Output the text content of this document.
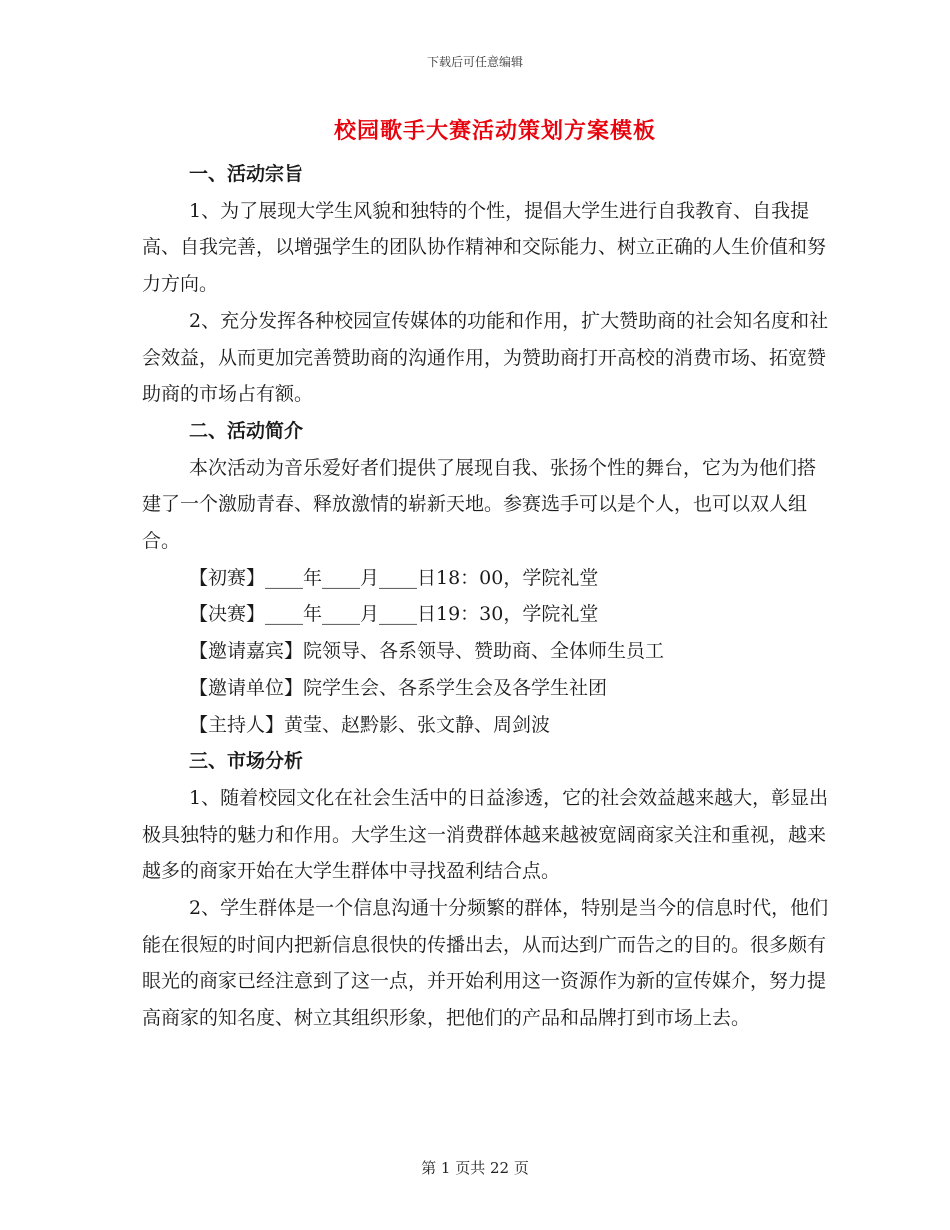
下载后可任意编辑
校园歌手大赛活动策划方案模板

一、活动宗旨

1、为了展现大学生风貌和独特的个性，提倡大学生进行自我教育、自我提高、自我完善，以增强学生的团队协作精神和交际能力、树立正确的人生价值和努力方向。

2、充分发挥各种校园宣传媒体的功能和作用，扩大赞助商的社会知名度和社会效益，从而更加完善赞助商的沟通作用，为赞助商打开高校的消费市场、拓宽赞助商的市场占有额。

二、活动简介

本次活动为音乐爱好者们提供了展现自我、张扬个性的舞台，它为为他们搭建了一个激励青春、释放激情的崭新天地。参赛选手可以是个人，也可以双人组合。

【初赛】____年____月____日18：00，学院礼堂

【决赛】____年____月____日19：30，学院礼堂

【邀请嘉宾】院领导、各系领导、赞助商、全体师生员工

【邀请单位】院学生会、各系学生会及各学生社团

【主持人】黄莹、赵黔影、张文静、周剑波

三、市场分析

1、随着校园文化在社会生活中的日益渗透，它的社会效益越来越大，彰显出极具独特的魅力和作用。大学生这一消费群体越来越被宽阔商家关注和重视，越来越多的商家开始在大学生群体中寻找盈利结合点。

2、学生群体是一个信息沟通十分频繁的群体，特别是当今的信息时代，他们能在很短的时间内把新信息很快的传播出去，从而达到广而告之的目的。很多颇有眼光的商家已经注意到了这一点，并开始利用这一资源作为新的宣传媒介，努力提高商家的知名度、树立其组织形象，把他们的产品和品牌打到市场上去。

第 1 页共 22 页
